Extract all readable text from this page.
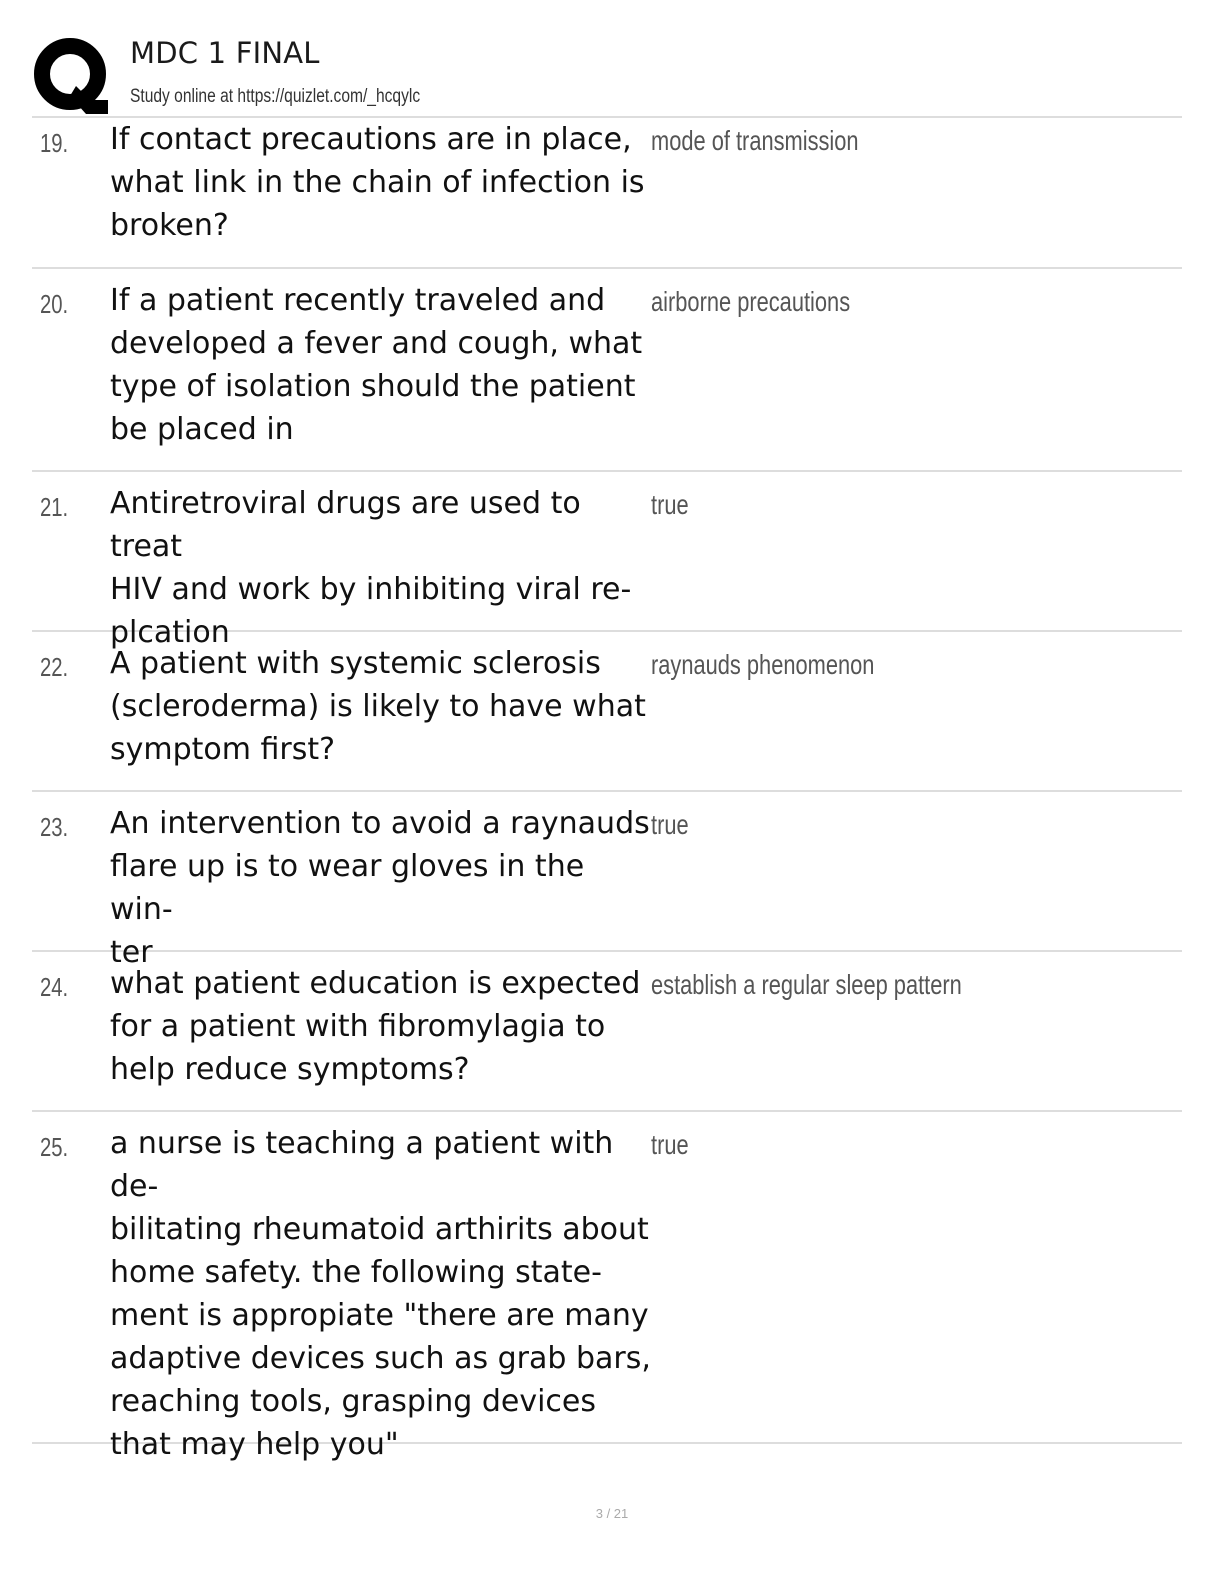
MDC 1 FINAL
Study online at https://quizlet.com/_hcqylc
19. If contact precautions are in place,
what link in the chain of infection is
broken?
mode of transmission
20. If a patient recently traveled and
developed a fever and cough, what
type of isolation should the patient
be placed in
airborne precautions
21. Antiretroviral drugs are used to treat
HIV and work by inhibiting viral re-
plcation
true
22. A patient with systemic sclerosis
(scleroderma) is likely to have what
symptom first?
raynauds phenomenon
23. An intervention to avoid a raynauds
flare up is to wear gloves in the win-
ter
true
24. what patient education is expected
for a patient with fibromylagia to
help reduce symptoms?
establish a regular sleep pattern
25. a nurse is teaching a patient with de-
bilitating rheumatoid arthirits about
home safety. the following state-
ment is appropiate "there are many
adaptive devices such as grab bars,
reaching tools, grasping devices
that may help you"
true
3 / 21
